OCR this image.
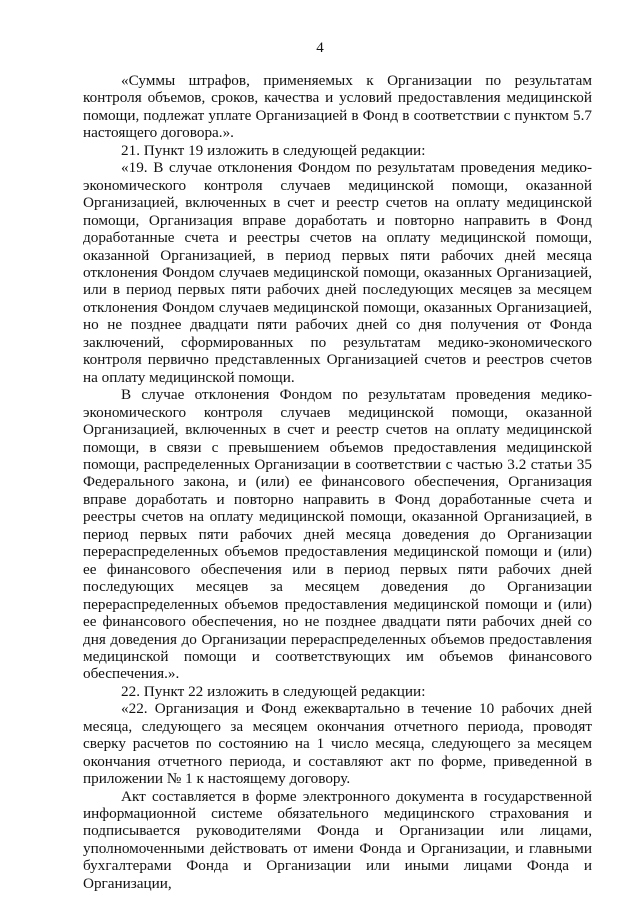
4

«Суммы штрафов, применяемых к Организации по результатам контроля объемов, сроков, качества и условий предоставления медицинской помощи, подлежат уплате Организацией в Фонд в соответствии с пунктом 5.7 настоящего договора.».

21. Пункт 19 изложить в следующей редакции:

«19. В случае отклонения Фондом по результатам проведения медико-экономического контроля случаев медицинской помощи, оказанной Организацией, включенных в счет и реестр счетов на оплату медицинской помощи, Организация вправе доработать и повторно направить в Фонд доработанные счета и реестры счетов на оплату медицинской помощи, оказанной Организацией, в период первых пяти рабочих дней месяца отклонения Фондом случаев медицинской помощи, оказанных Организацией, или в период первых пяти рабочих дней последующих месяцев за месяцем отклонения Фондом случаев медицинской помощи, оказанных Организацией, но не позднее двадцати пяти рабочих дней со дня получения от Фонда заключений, сформированных по результатам медико-экономического контроля первично представленных Организацией счетов и реестров счетов на оплату медицинской помощи.

В случае отклонения Фондом по результатам проведения медико-экономического контроля случаев медицинской помощи, оказанной Организацией, включенных в счет и реестр счетов на оплату медицинской помощи, в связи с превышением объемов предоставления медицинской помощи, распределенных Организации в соответствии с частью 3.2 статьи 35 Федерального закона, и (или) ее финансового обеспечения, Организация вправе доработать и повторно направить в Фонд доработанные счета и реестры счетов на оплату медицинской помощи, оказанной Организацией, в период первых пяти рабочих дней месяца доведения до Организации перераспределенных объемов предоставления медицинской помощи и (или) ее финансового обеспечения или в период первых пяти рабочих дней последующих месяцев за месяцем доведения до Организации перераспределенных объемов предоставления медицинской помощи и (или) ее финансового обеспечения, но не позднее двадцати пяти рабочих дней со дня доведения до Организации перераспределенных объемов предоставления медицинской помощи и соответствующих им объемов финансового обеспечения.».

22. Пункт 22 изложить в следующей редакции:

«22. Организация и Фонд ежеквартально в течение 10 рабочих дней месяца, следующего за месяцем окончания отчетного периода, проводят сверку расчетов по состоянию на 1 число месяца, следующего за месяцем окончания отчетного периода, и составляют акт по форме, приведенной в приложении № 1 к настоящему договору.

Акт составляется в форме электронного документа в государственной информационной системе обязательного медицинского страхования и подписывается руководителями Фонда и Организации или лицами, уполномоченными действовать от имени Фонда и Организации, и главными бухгалтерами Фонда и Организации или иными лицами Фонда и Организации,
